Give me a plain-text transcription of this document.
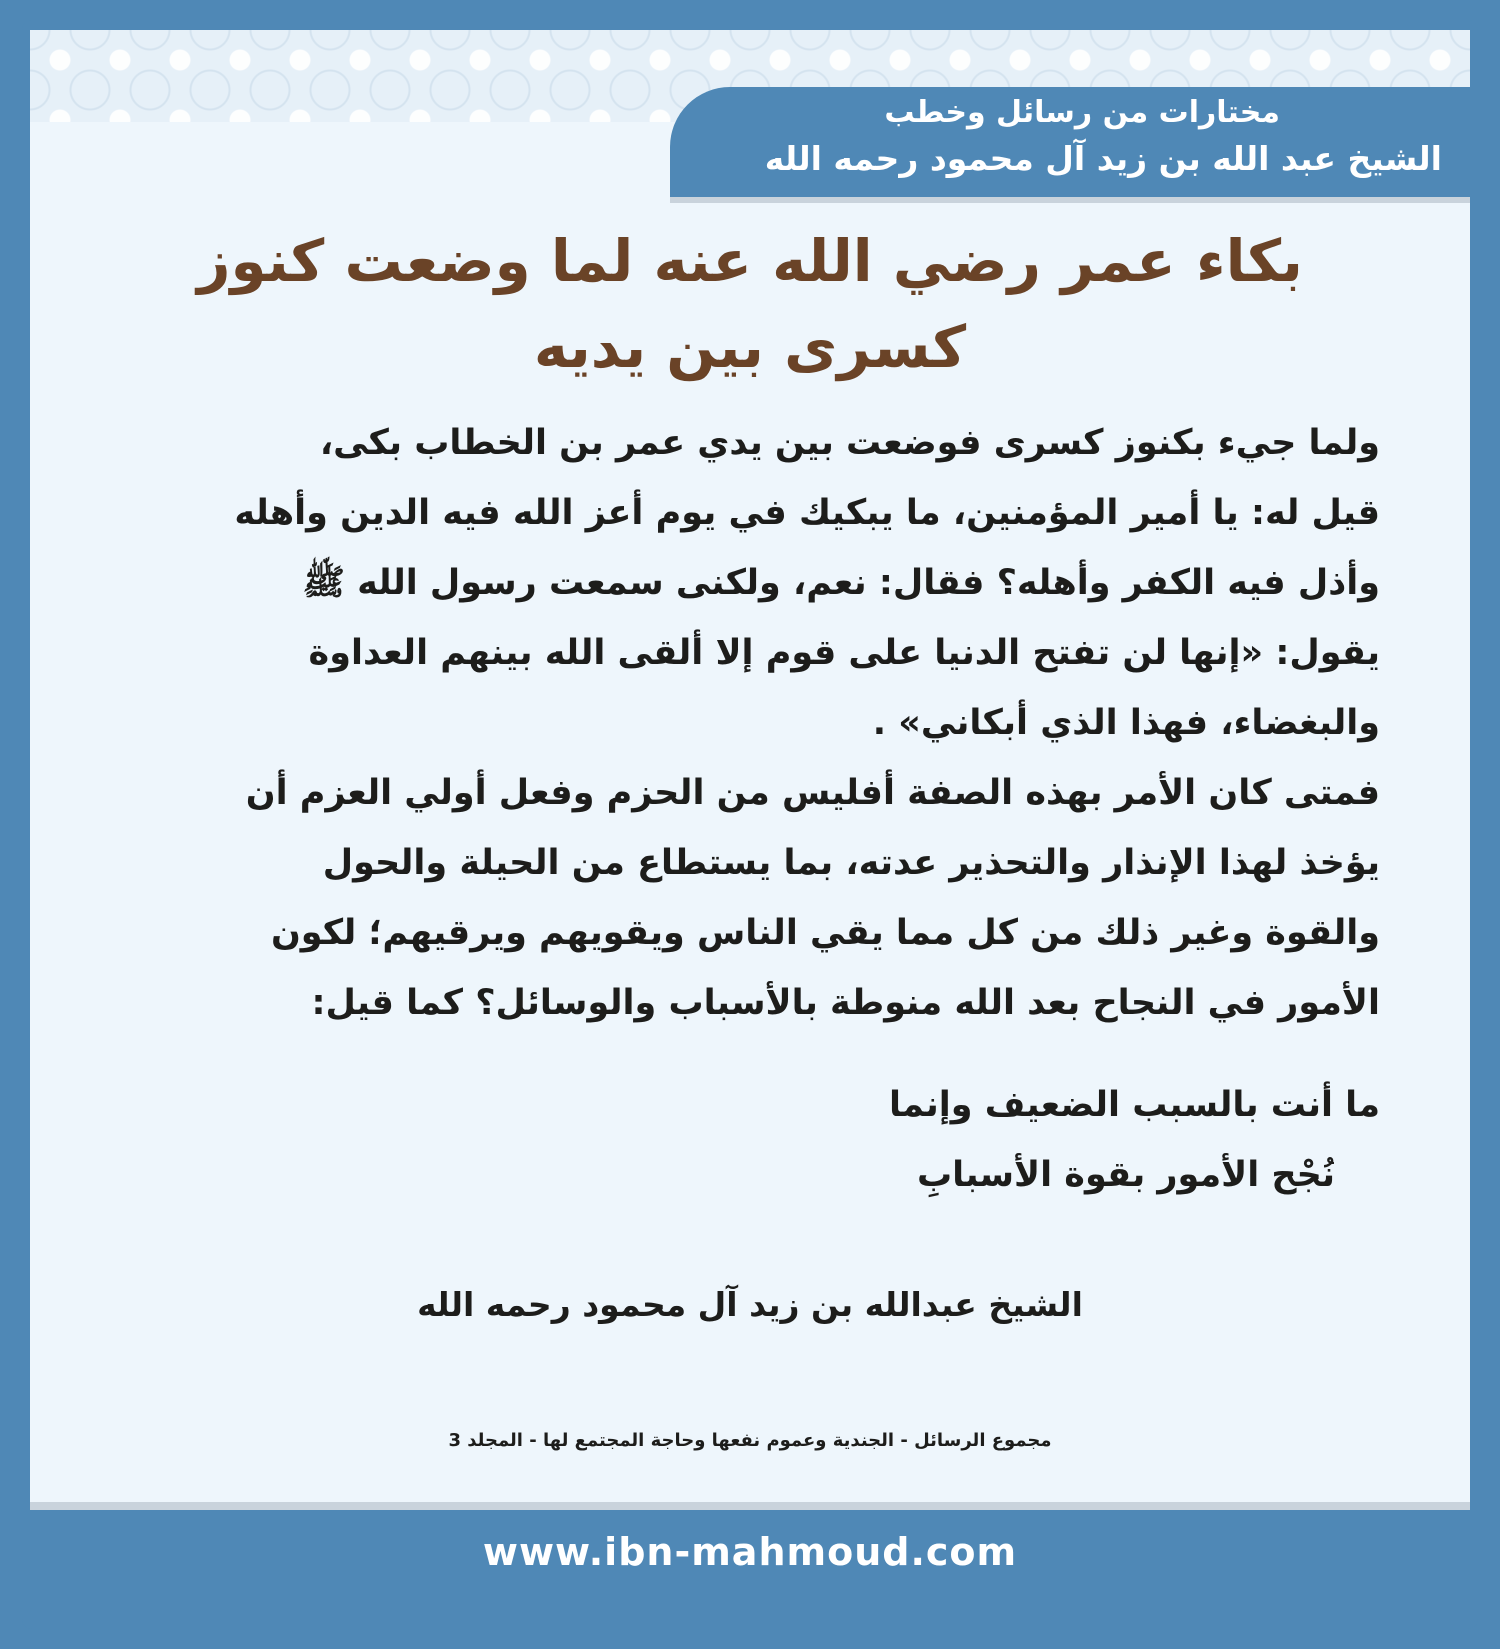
مختارات من رسائل وخطب
الشيخ عبد الله بن زيد آل محمود رحمه الله
بكاء عمر رضي الله عنه لما وضعت كنوز
كسرى بين يديه
ولما جيء بكنوز كسرى فوضعت بين يدي عمر بن الخطاب بكى،
قيل له: يا أمير المؤمنين، ما يبكيك في يوم أعز الله فيه الدين وأهله
وأذل فيه الكفر وأهله؟ فقال: نعم، ولكنى سمعت رسول الله ﷺ
يقول: «إنها لن تفتح الدنيا على قوم إلا ألقى الله بينهم العداوة
والبغضاء، فهذا الذي أبكاني» .
فمتى كان الأمر بهذه الصفة أفليس من الحزم وفعل أولي العزم أن
يؤخذ لهذا الإنذار والتحذير عدته، بما يستطاع من الحيلة والحول
والقوة وغير ذلك من كل مما يقي الناس ويقويهم ويرقيهم؛ لكون
الأمور في النجاح بعد الله منوطة بالأسباب والوسائل؟ كما قيل:
ما أنت بالسبب الضعيف وإنما
نُجْح الأمور بقوة الأسبابِ
الشيخ عبدالله بن زيد آل محمود رحمه الله
مجموع الرسائل - الجندية وعموم نفعها وحاجة المجتمع لها - المجلد 3
www.ibn-mahmoud.com
